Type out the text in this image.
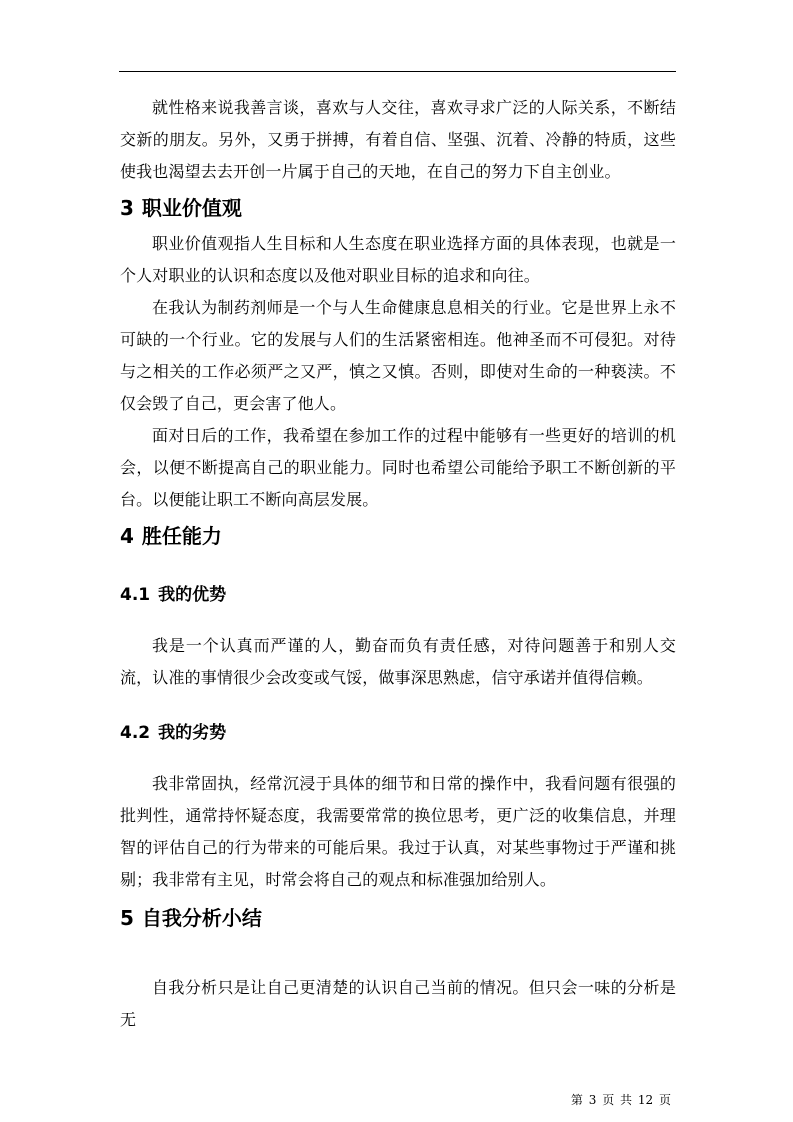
就性格来说我善言谈，喜欢与人交往，喜欢寻求广泛的人际关系，不断结交新的朋友。另外，又勇于拼搏，有着自信、坚强、沉着、冷静的特质，这些使我也渴望去去开创一片属于自己的天地，在自己的努力下自主创业。

3 职业价值观

职业价值观指人生目标和人生态度在职业选择方面的具体表现，也就是一个人对职业的认识和态度以及他对职业目标的追求和向往。

在我认为制药剂师是一个与人生命健康息息相关的行业。它是世界上永不可缺的一个行业。它的发展与人们的生活紧密相连。他神圣而不可侵犯。对待与之相关的工作必须严之又严，慎之又慎。否则，即使对生命的一种亵渎。不仅会毁了自己，更会害了他人。

面对日后的工作，我希望在参加工作的过程中能够有一些更好的培训的机会，以便不断提高自己的职业能力。同时也希望公司能给予职工不断创新的平台。以便能让职工不断向高层发展。

4 胜任能力
4.1 我的优势

我是一个认真而严谨的人，勤奋而负有责任感，对待问题善于和别人交流，认准的事情很少会改变或气馁，做事深思熟虑，信守承诺并值得信赖。

4.2 我的劣势

我非常固执，经常沉浸于具体的细节和日常的操作中，我看问题有很强的批判性，通常持怀疑态度，我需要常常的换位思考，更广泛的收集信息，并理智的评估自己的行为带来的可能后果。我过于认真，对某些事物过于严谨和挑剔；我非常有主见，时常会将自己的观点和标准强加给别人。

5 自我分析小结

自我分析只是让自己更清楚的认识自己当前的情况。但只会一味的分析是无

第 3 页 共 12 页
